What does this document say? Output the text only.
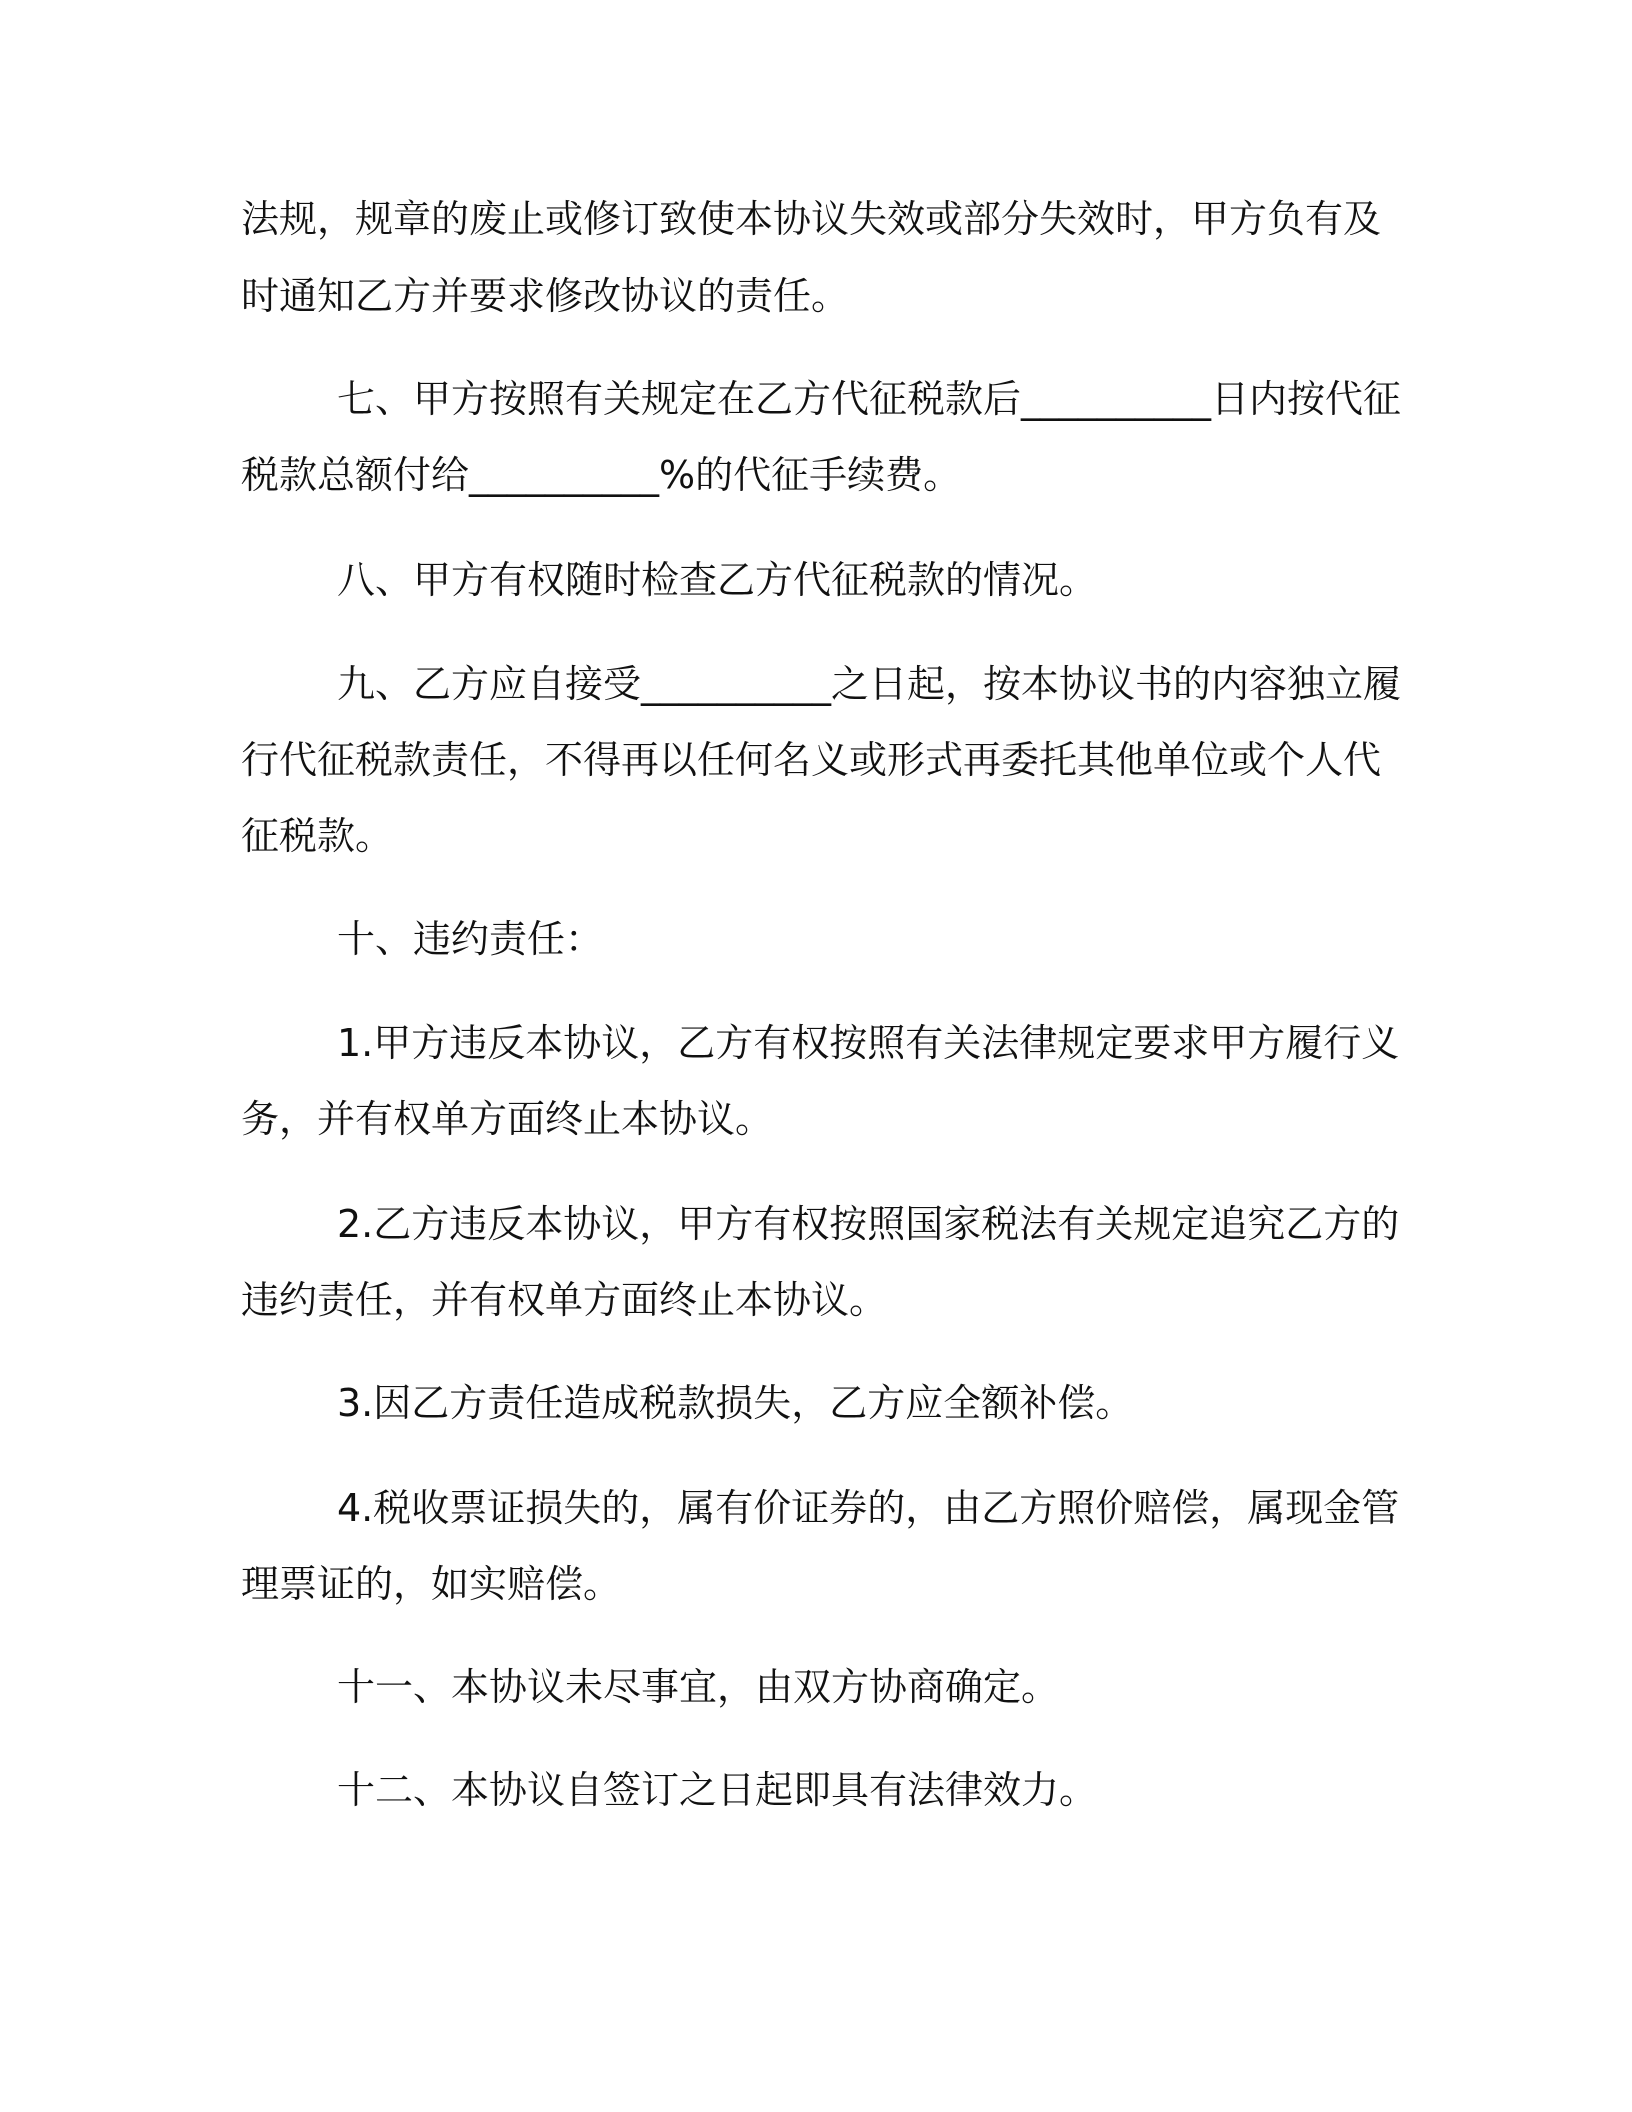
法规，规章的废止或修订致使本协议失效或部分失效时，甲方负有及

时通知乙方并要求修改协议的责任。

七、甲方按照有关规定在乙方代征税款后__________日内按代征

税款总额付给__________%的代征手续费。

八、甲方有权随时检查乙方代征税款的情况。

九、乙方应自接受__________之日起，按本协议书的内容独立履

行代征税款责任，不得再以任何名义或形式再委托其他单位或个人代

征税款。

十、违约责任：

1.甲方违反本协议，乙方有权按照有关法律规定要求甲方履行义

务，并有权单方面终止本协议。

2.乙方违反本协议，甲方有权按照国家税法有关规定追究乙方的

违约责任，并有权单方面终止本协议。

3.因乙方责任造成税款损失，乙方应全额补偿。

4.税收票证损失的，属有价证券的，由乙方照价赔偿，属现金管

理票证的，如实赔偿。

十一、本协议未尽事宜，由双方协商确定。

十二、本协议自签订之日起即具有法律效力。
